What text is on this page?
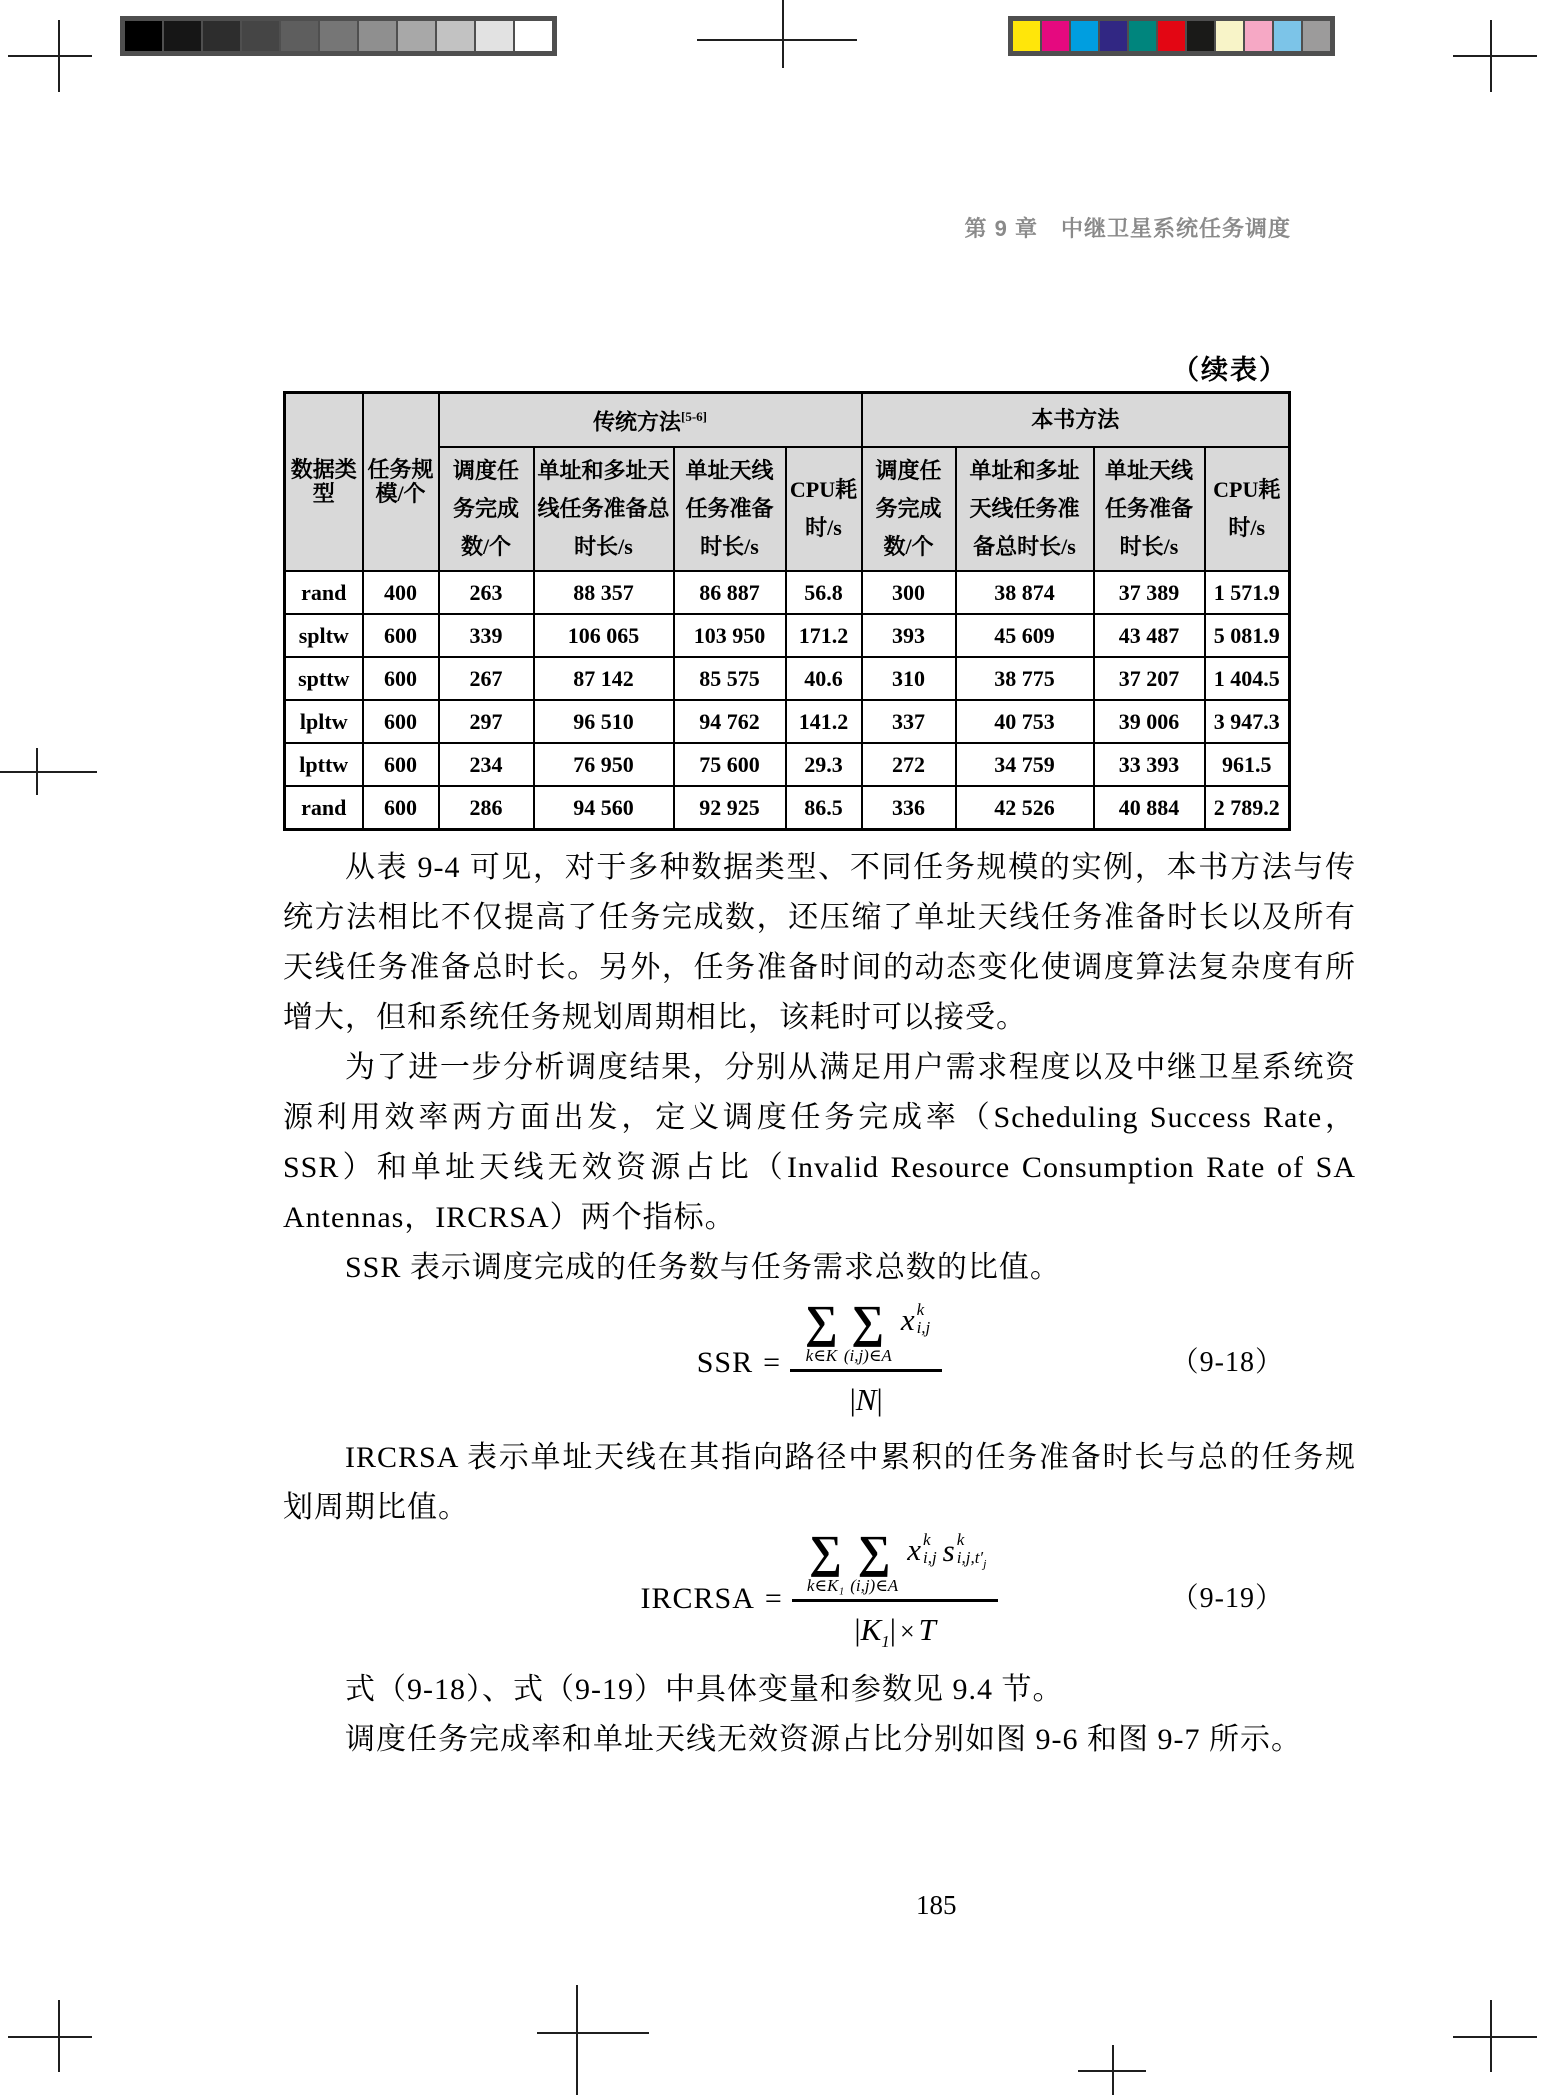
第 9 章　中继卫星系统任务调度
（续表）
数据类型	任务规模/个	传统方法[5-6]				本书方法			
		调度任务完成数/个	单址和多址天线任务准备总时长/s	单址天线任务准备时长/s	CPU耗时/s	调度任务完成数/个	单址和多址天线任务准备总时长/s	单址天线任务准备时长/s	CPU耗时/s
rand	400	263	88 357	86 887	56.8	300	38 874	37 389	1 571.9
spltw	600	339	106 065	103 950	171.2	393	45 609	43 487	5 081.9
spttw	600	267	87 142	85 575	40.6	310	38 775	37 207	1 404.5
lpltw	600	297	96 510	94 762	141.2	337	40 753	39 006	3 947.3
lpttw	600	234	76 950	75 600	29.3	272	34 759	33 393	961.5
rand	600	286	94 560	92 925	86.5	336	42 526	40 884	2 789.2

从表 9-4 可见，对于多种数据类型、不同任务规模的实例，本书方法与传统方法相比不仅提高了任务完成数，还压缩了单址天线任务准备时长以及所有天线任务准备总时长。另外，任务准备时间的动态变化使调度算法复杂度有所增大，但和系统任务规划周期相比，该耗时可以接受。

为了进一步分析调度结果，分别从满足用户需求程度以及中继卫星系统资源利用效率两方面出发，定义调度任务完成率（Scheduling Success Rate，SSR）和单址天线无效资源占比（Invalid Resource Consumption Rate of SA Antennas，IRCRSA）两个指标。

SSR 表示调度完成的任务数与任务需求总数的比值。

SSR =
∑
k∈K
∑
(i,j)∈A
x k
i,j
|N|
（9-18）

IRCRSA 表示单址天线在其指向路径中累积的任务准备时长与总的任务规划周期比值。

IRCRSA =
∑
k∈K₁
∑
(i,j)∈A
x k
i,j s k
$i,j,t'_j$
$|K_1| \times T$
（9-19）

式（9-18）、式（9-19）中具体变量和参数见 9.4 节。

调度任务完成率和单址天线无效资源占比分别如图 9-6 和图 9-7 所示。

185
